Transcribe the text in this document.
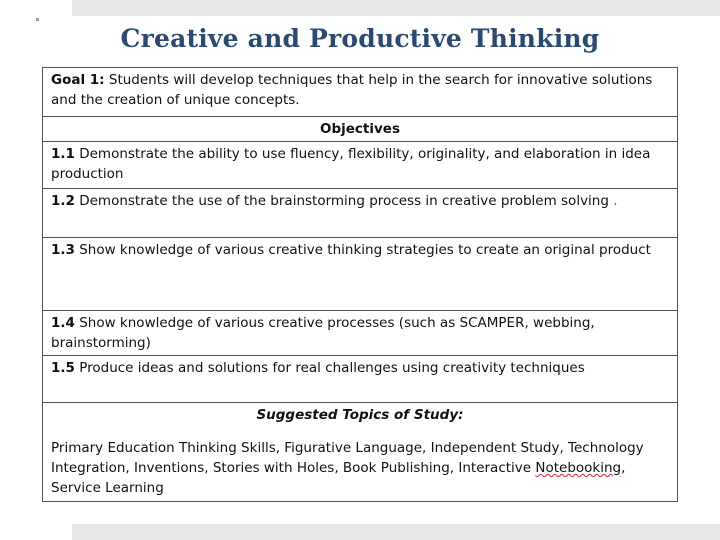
Creative and Productive Thinking
Goal 1: Students will develop techniques that help in the search for innovative solutions and the creation of unique concepts.
Objectives
1.1 Demonstrate the ability to use fluency, flexibility, originality, and elaboration in idea production
1.2 Demonstrate the use of the brainstorming process in creative problem solving .
1.3 Show knowledge of various creative thinking strategies to create an original product
1.4 Show knowledge of various creative processes (such as SCAMPER, webbing, brainstorming)
1.5 Produce ideas and solutions for real challenges using creativity techniques

Suggested Topics of Study:
Primary Education Thinking Skills, Figurative Language, Independent Study, Technology Integration, Inventions, Stories with Holes, Book Publishing, Interactive Notebooking, Service Learning
